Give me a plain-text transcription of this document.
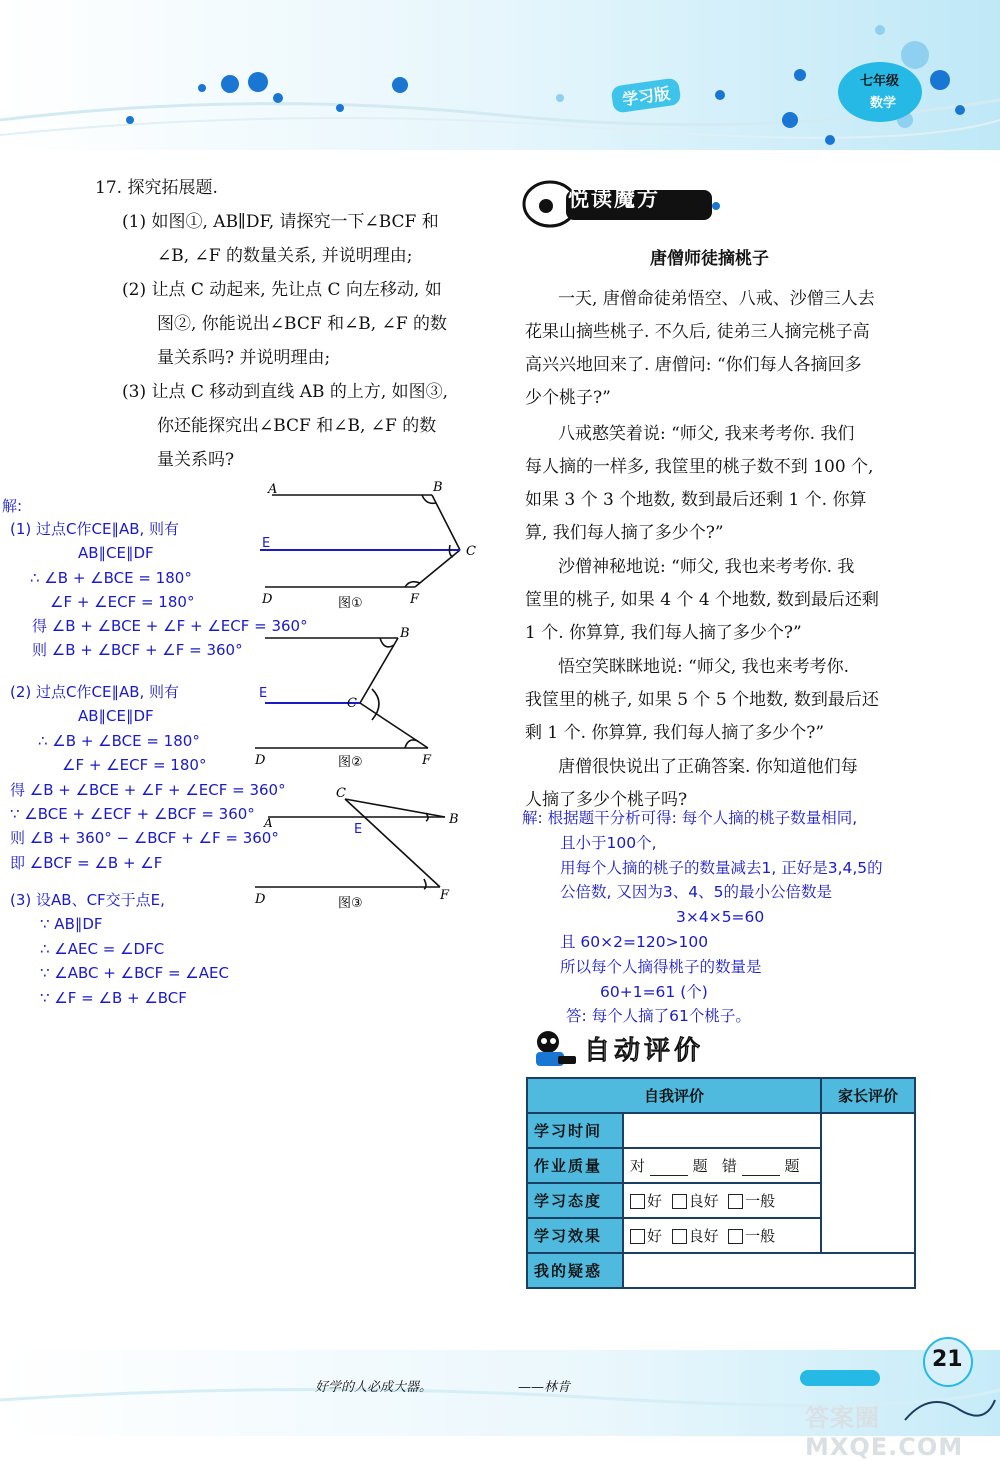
学习版
七年级
数学
17. 探究拓展题.
(1) 如图①, AB∥DF, 请探究一下∠BCF 和
∠B, ∠F 的数量关系, 并说明理由;
(2) 让点 C 动起来, 先让点 C 向左移动, 如
图②, 你能说出∠BCF 和∠B, ∠F 的数
量关系吗? 并说明理由;
(3) 让点 C 移动到直线 AB 的上方, 如图③,
你还能探究出∠BCF 和∠B, ∠F 的数
量关系吗?
A	B
C
E
D	F
图①
B
C
E
D	F
图②
C
A	B
E
D	F
图③
解:
(1) 过点C作CE∥AB, 则有
AB∥CE∥DF
∴ ∠B + ∠BCE = 180°
∠F + ∠ECF = 180°
得 ∠B + ∠BCE + ∠F + ∠ECF = 360°
则 ∠B + ∠BCF + ∠F = 360°
(2) 过点C作CE∥AB, 则有
AB∥CE∥DF
∴ ∠B + ∠BCE = 180°
∠F + ∠ECF = 180°
得 ∠B + ∠BCE + ∠F + ∠ECF = 360°
∵ ∠BCE + ∠ECF + ∠BCF = 360°
则 ∠B + 360° − ∠BCF + ∠F = 360°
即 ∠BCF = ∠B + ∠F
(3) 设AB、CF交于点E,
∵ AB∥DF
∴ ∠AEC = ∠DFC
∵ ∠ABC + ∠BCF = ∠AEC
∵ ∠F = ∠B + ∠BCF
悦读魔方
唐僧师徒摘桃子
一天, 唐僧命徒弟悟空、八戒、沙僧三人去
花果山摘些桃子. 不久后, 徒弟三人摘完桃子高
高兴兴地回来了. 唐僧问: “你们每人各摘回多
少个桃子?”
八戒憨笑着说: “师父, 我来考考你. 我们
每人摘的一样多, 我筐里的桃子数不到 100 个,
如果 3 个 3 个地数, 数到最后还剩 1 个. 你算
算, 我们每人摘了多少个?”
沙僧神秘地说: “师父, 我也来考考你. 我
筐里的桃子, 如果 4 个 4 个地数, 数到最后还剩
1 个. 你算算, 我们每人摘了多少个?”
悟空笑眯眯地说: “师父, 我也来考考你.
我筐里的桃子, 如果 5 个 5 个地数, 数到最后还
剩 1 个. 你算算, 我们每人摘了多少个?”
唐僧很快说出了正确答案. 你知道他们每
人摘了多少个桃子吗?
解: 根据题干分析可得: 每个人摘的桃子数量相同,
且小于100个,
用每个人摘的桃子的数量减去1, 正好是3,4,5的
公倍数, 又因为3、4、5的最小公倍数是
3×4×5=60
且 60×2=120>100
所以每个人摘得桃子的数量是
60+1=61 (个)
答: 每个人摘了61个桃子。
自动评价
自我评价		家长评价
学习时间		
作业质量	对 题 错 题	
学习态度	好 良好 一般	
学习效果	好 良好 一般	
我的疑惑		
好学的人必成大器。	——林肯
21
答案圈 MXQE.COM
